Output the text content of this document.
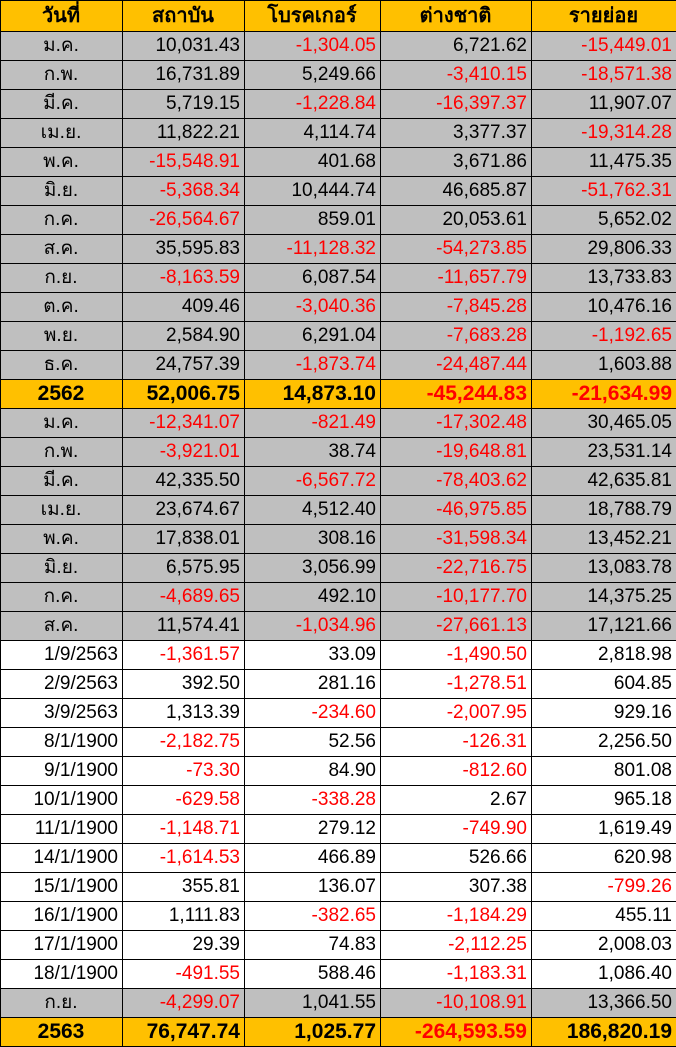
วันที่	สถาบัน	โบรคเกอร์	ต่างชาติ	รายย่อย
ม.ค.	10,031.43	-1,304.05	6,721.62	-15,449.01
ก.พ.	16,731.89	5,249.66	-3,410.15	-18,571.38
มี.ค.	5,719.15	-1,228.84	-16,397.37	11,907.07
เม.ย.	11,822.21	4,114.74	3,377.37	-19,314.28
พ.ค.	-15,548.91	401.68	3,671.86	11,475.35
มิ.ย.	-5,368.34	10,444.74	46,685.87	-51,762.31
ก.ค.	-26,564.67	859.01	20,053.61	5,652.02
ส.ค.	35,595.83	-11,128.32	-54,273.85	29,806.33
ก.ย.	-8,163.59	6,087.54	-11,657.79	13,733.83
ต.ค.	409.46	-3,040.36	-7,845.28	10,476.16
พ.ย.	2,584.90	6,291.04	-7,683.28	-1,192.65
ธ.ค.	24,757.39	-1,873.74	-24,487.44	1,603.88
2562	52,006.75	14,873.10	-45,244.83	-21,634.99
ม.ค.	-12,341.07	-821.49	-17,302.48	30,465.05
ก.พ.	-3,921.01	38.74	-19,648.81	23,531.14
มี.ค.	42,335.50	-6,567.72	-78,403.62	42,635.81
เม.ย.	23,674.67	4,512.40	-46,975.85	18,788.79
พ.ค.	17,838.01	308.16	-31,598.34	13,452.21
มิ.ย.	6,575.95	3,056.99	-22,716.75	13,083.78
ก.ค.	-4,689.65	492.10	-10,177.70	14,375.25
ส.ค.	11,574.41	-1,034.96	-27,661.13	17,121.66
1/9/2563	-1,361.57	33.09	-1,490.50	2,818.98
2/9/2563	392.50	281.16	-1,278.51	604.85
3/9/2563	1,313.39	-234.60	-2,007.95	929.16
8/1/1900	-2,182.75	52.56	-126.31	2,256.50
9/1/1900	-73.30	84.90	-812.60	801.08
10/1/1900	-629.58	-338.28	2.67	965.18
11/1/1900	-1,148.71	279.12	-749.90	1,619.49
14/1/1900	-1,614.53	466.89	526.66	620.98
15/1/1900	355.81	136.07	307.38	-799.26
16/1/1900	1,111.83	-382.65	-1,184.29	455.11
17/1/1900	29.39	74.83	-2,112.25	2,008.03
18/1/1900	-491.55	588.46	-1,183.31	1,086.40
ก.ย.	-4,299.07	1,041.55	-10,108.91	13,366.50
2563	76,747.74	1,025.77	-264,593.59	186,820.19
